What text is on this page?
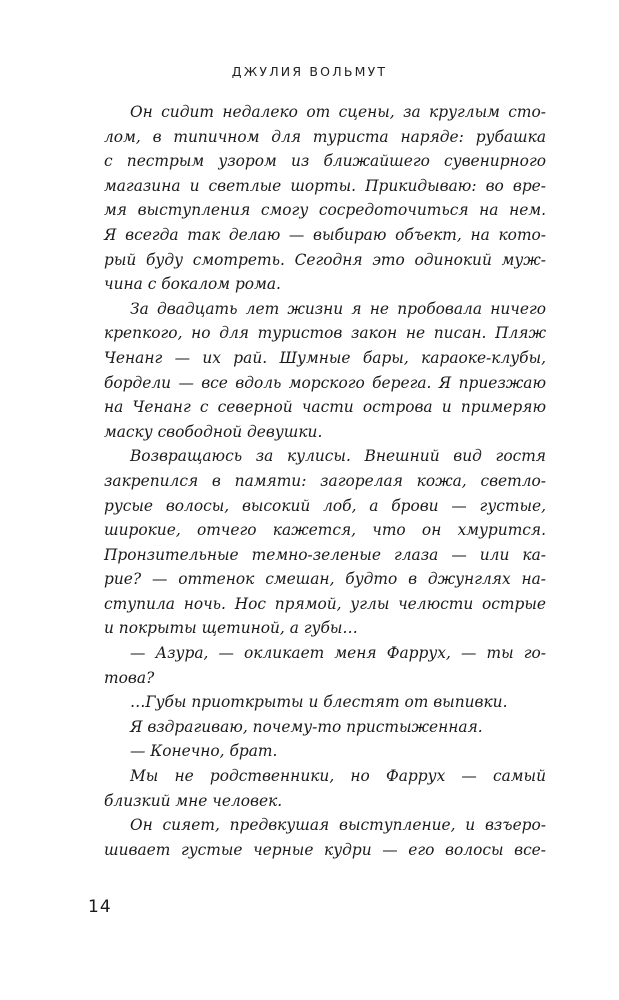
ДЖУЛИЯ ВОЛЬМУТ
Он сидит недалеко от сцены, за круглым сто-
лом, в типичном для туриста наряде: рубашка
с пестрым узором из ближайшего сувенирного
магазина и светлые шорты. Прикидываю: во вре-
мя выступления смогу сосредоточиться на нем.
Я всегда так делаю — выбираю объект, на кото-
рый буду смотреть. Сегодня это одинокий муж-
чина с бокалом рома.
За двадцать лет жизни я не пробовала ничего
крепкого, но для туристов закон не писан. Пляж
Ченанг — их рай. Шумные бары, караоке-клубы,
бордели — все вдоль морского берега. Я приезжаю
на Ченанг с северной части острова и примеряю
маску свободной девушки.
Возвращаюсь за кулисы. Внешний вид гостя
закрепился в памяти: загорелая кожа, светло-
русые волосы, высокий лоб, а брови — густые,
широкие, отчего кажется, что он хмурится.
Пронзительные темно-зеленые глаза — или ка-
рие? — оттенок смешан, будто в джунглях на-
ступила ночь. Нос прямой, углы челюсти острые
и покрыты щетиной, а губы…
— Азура, — окликает меня Фаррух, — ты го-
това?
…Губы приоткрыты и блестят от выпивки.
Я вздрагиваю, почему-то пристыженная.
— Конечно, брат.
Мы не родственники, но Фаррух — самый
близкий мне человек.
Он сияет, предвкушая выступление, и взъеро-
шивает густые черные кудри — его волосы все-
14
